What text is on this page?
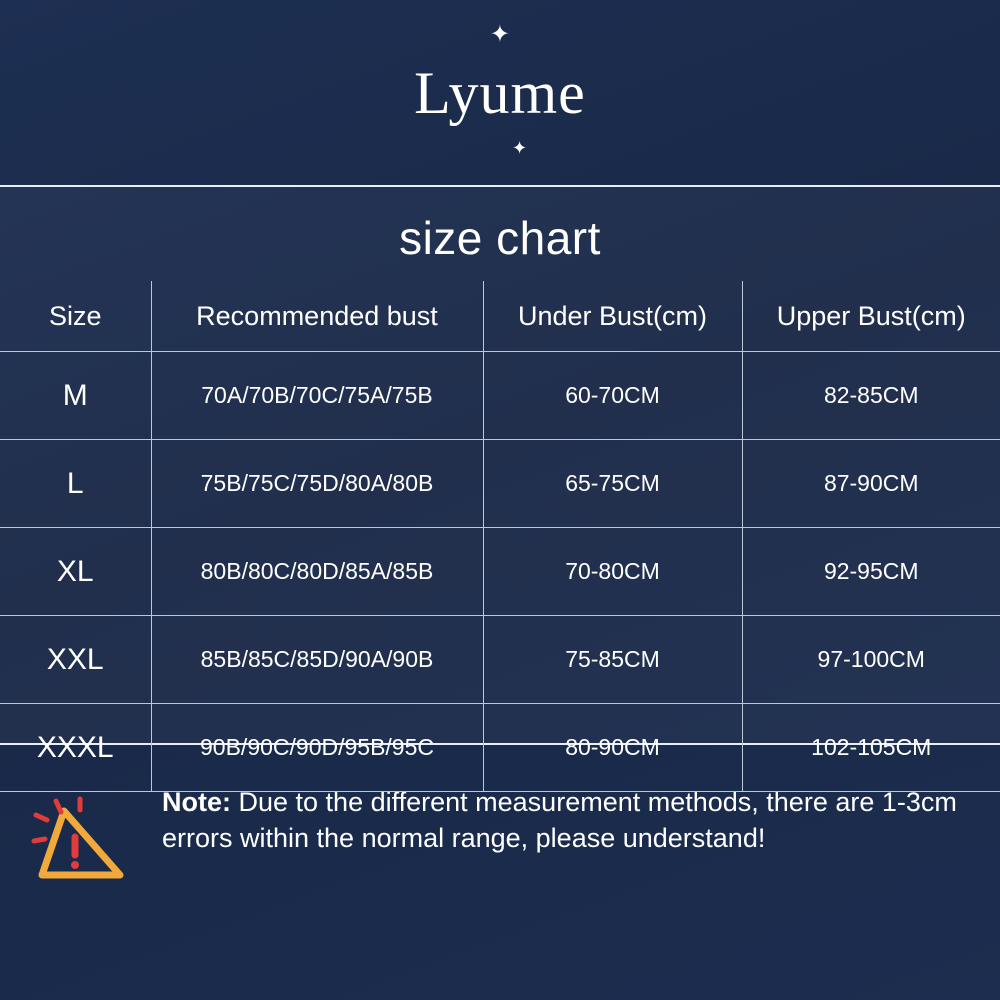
✦
Lyume
✦
size chart
Size	Recommended bust	Under Bust(cm)	Upper Bust(cm)
M	70A/70B/70C/75A/75B	60-70CM	82-85CM
L	75B/75C/75D/80A/80B	65-75CM	87-90CM
XL	80B/80C/80D/85A/85B	70-80CM	92-95CM
XXL	85B/85C/85D/90A/90B	75-85CM	97-100CM
XXXL	90B/90C/90D/95B/95C	80-90CM	102-105CM
Note: Due to the different measurement methods, there are 1-3cm errors within the normal range, please understand!
